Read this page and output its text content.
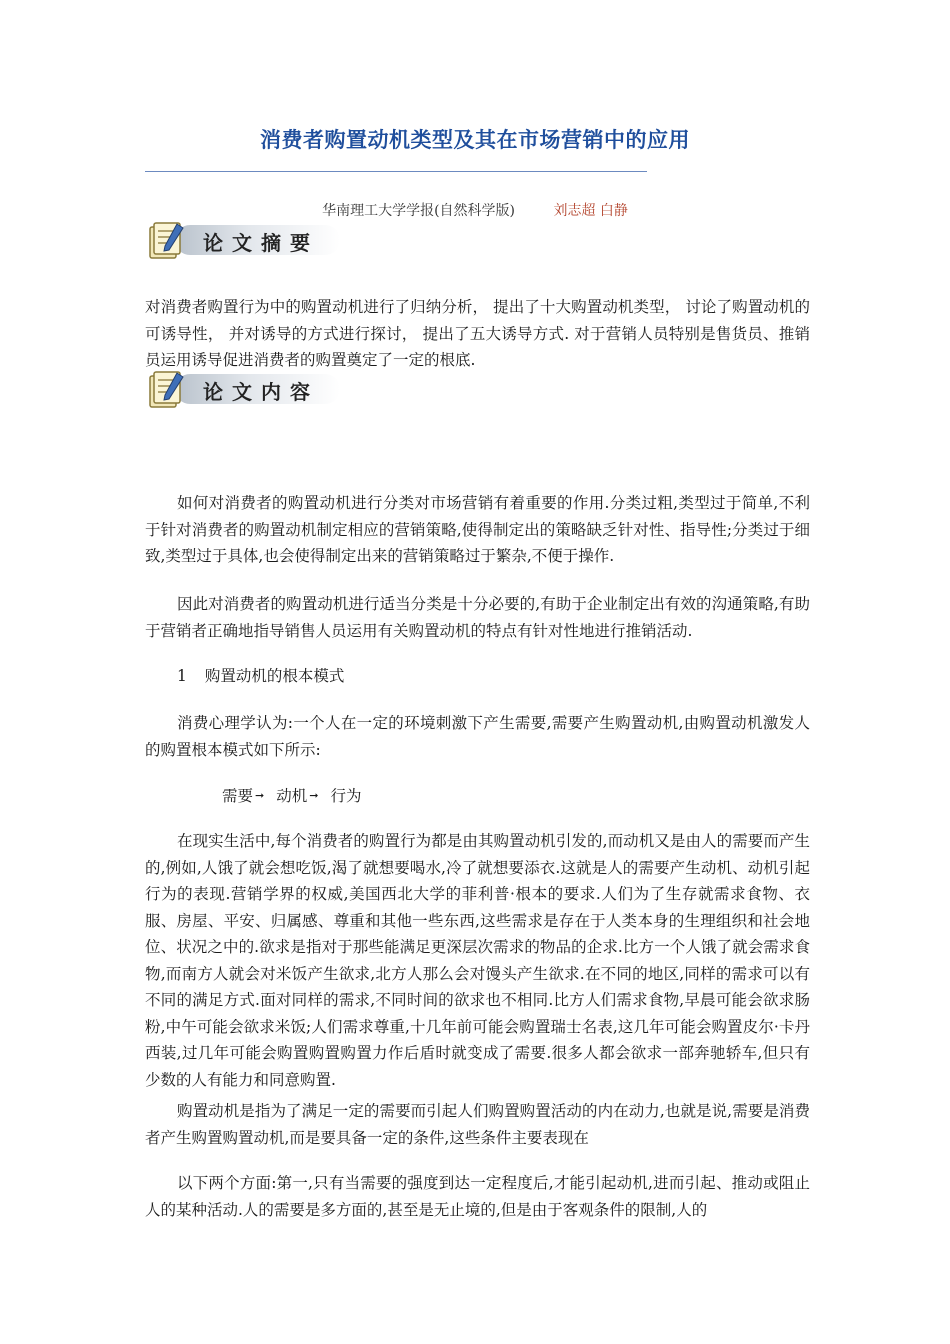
消费者购置动机类型及其在市场营销中的应用
华南理工大学学报(自然科学版)	刘志超 白静
论文摘要

对消费者购置行为中的购置动机进行了归纳分析， 提出了十大购置动机类型， 讨论了购置动机的可诱导性， 并对诱导的方式进行探讨， 提出了五大诱导方式. 对于营销人员特别是售货员、推销员运用诱导促进消费者的购置奠定了一定的根底.

论文内容

如何对消费者的购置动机进行分类对市场营销有着重要的作用.分类过粗,类型过于简单,不利于针对消费者的购置动机制定相应的营销策略,使得制定出的策略缺乏针对性、指导性;分类过于细致,类型过于具体,也会使得制定出来的营销策略过于繁杂,不便于操作.

因此对消费者的购置动机进行适当分类是十分必要的,有助于企业制定出有效的沟通策略,有助于营销者正确地指导销售人员运用有关购置动机的特点有针对性地进行推销活动.

1 购置动机的根本模式

消费心理学认为:一个人在一定的环境刺激下产生需要,需要产生购置动机,由购置动机激发人的购置根本模式如下所示:

需要 ➞ 动机 ➞ 行为

在现实生活中,每个消费者的购置行为都是由其购置动机引发的,而动机又是由人的需要而产生的,例如,人饿了就会想吃饭,渴了就想要喝水,冷了就想要添衣.这就是人的需要产生动机、动机引起行为的表现.营销学界的权威,美国西北大学的菲利普·根本的要求.人们为了生存就需求食物、衣服、房屋、平安、归属感、尊重和其他一些东西,这些需求是存在于人类本身的生理组织和社会地位、状况之中的.欲求是指对于那些能满足更深层次需求的物品的企求.比方一个人饿了就会需求食物,而南方人就会对米饭产生欲求,北方人那么会对馒头产生欲求.在不同的地区,同样的需求可以有不同的满足方式.面对同样的需求,不同时间的欲求也不相同.比方人们需求食物,早晨可能会欲求肠粉,中午可能会欲求米饭;人们需求尊重,十几年前可能会购置瑞士名表,这几年可能会购置皮尔·卡丹西装,过几年可能会购置购置购置力作后盾时就变成了需要.很多人都会欲求一部奔驰轿车,但只有少数的人有能力和同意购置.

购置动机是指为了满足一定的需要而引起人们购置购置活动的内在动力,也就是说,需要是消费者产生购置购置动机,而是要具备一定的条件,这些条件主要表现在

以下两个方面:第一,只有当需要的强度到达一定程度后,才能引起动机,进而引起、推动或阻止人的某种活动.人的需要是多方面的,甚至是无止境的,但是由于客观条件的限制,人的
